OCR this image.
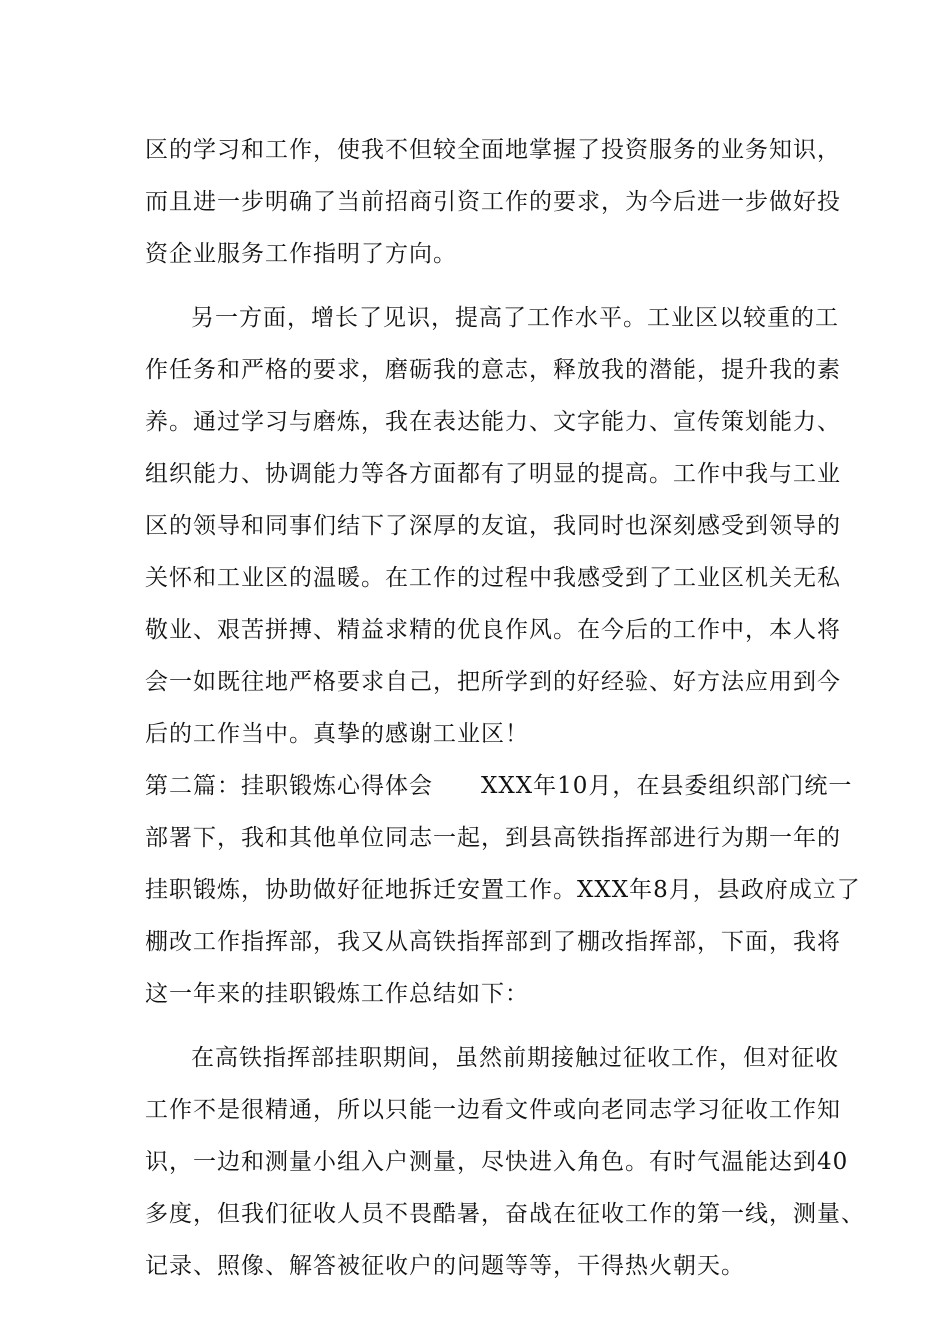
区的学习和工作，使我不但较全面地掌握了投资服务的业务知识，
而且进一步明确了当前招商引资工作的要求，为今后进一步做好投
资企业服务工作指明了方向。
另一方面，增长了见识，提高了工作水平。工业区以较重的工
作任务和严格的要求，磨砺我的意志，释放我的潜能，提升我的素
养。通过学习与磨炼，我在表达能力、文字能力、宣传策划能力、
组织能力、协调能力等各方面都有了明显的提高。工作中我与工业
区的领导和同事们结下了深厚的友谊，我同时也深刻感受到领导的
关怀和工业区的温暖。在工作的过程中我感受到了工业区机关无私
敬业、艰苦拼搏、精益求精的优良作风。在今后的工作中，本人将
会一如既往地严格要求自己，把所学到的好经验、好方法应用到今
后的工作当中。真挚的感谢工业区！
第二篇：挂职锻炼心得体会　　XXX年10月，在县委组织部门统一
部署下，我和其他单位同志一起，到县高铁指挥部进行为期一年的
挂职锻炼，协助做好征地拆迁安置工作。XXX年8月，县政府成立了
棚改工作指挥部，我又从高铁指挥部到了棚改指挥部，下面，我将
这一年来的挂职锻炼工作总结如下：
在高铁指挥部挂职期间，虽然前期接触过征收工作，但对征收
工作不是很精通，所以只能一边看文件或向老同志学习征收工作知
识，一边和测量小组入户测量，尽快进入角色。有时气温能达到40
多度，但我们征收人员不畏酷暑，奋战在征收工作的第一线，测量、
记录、照像、解答被征收户的问题等等，干得热火朝天。
